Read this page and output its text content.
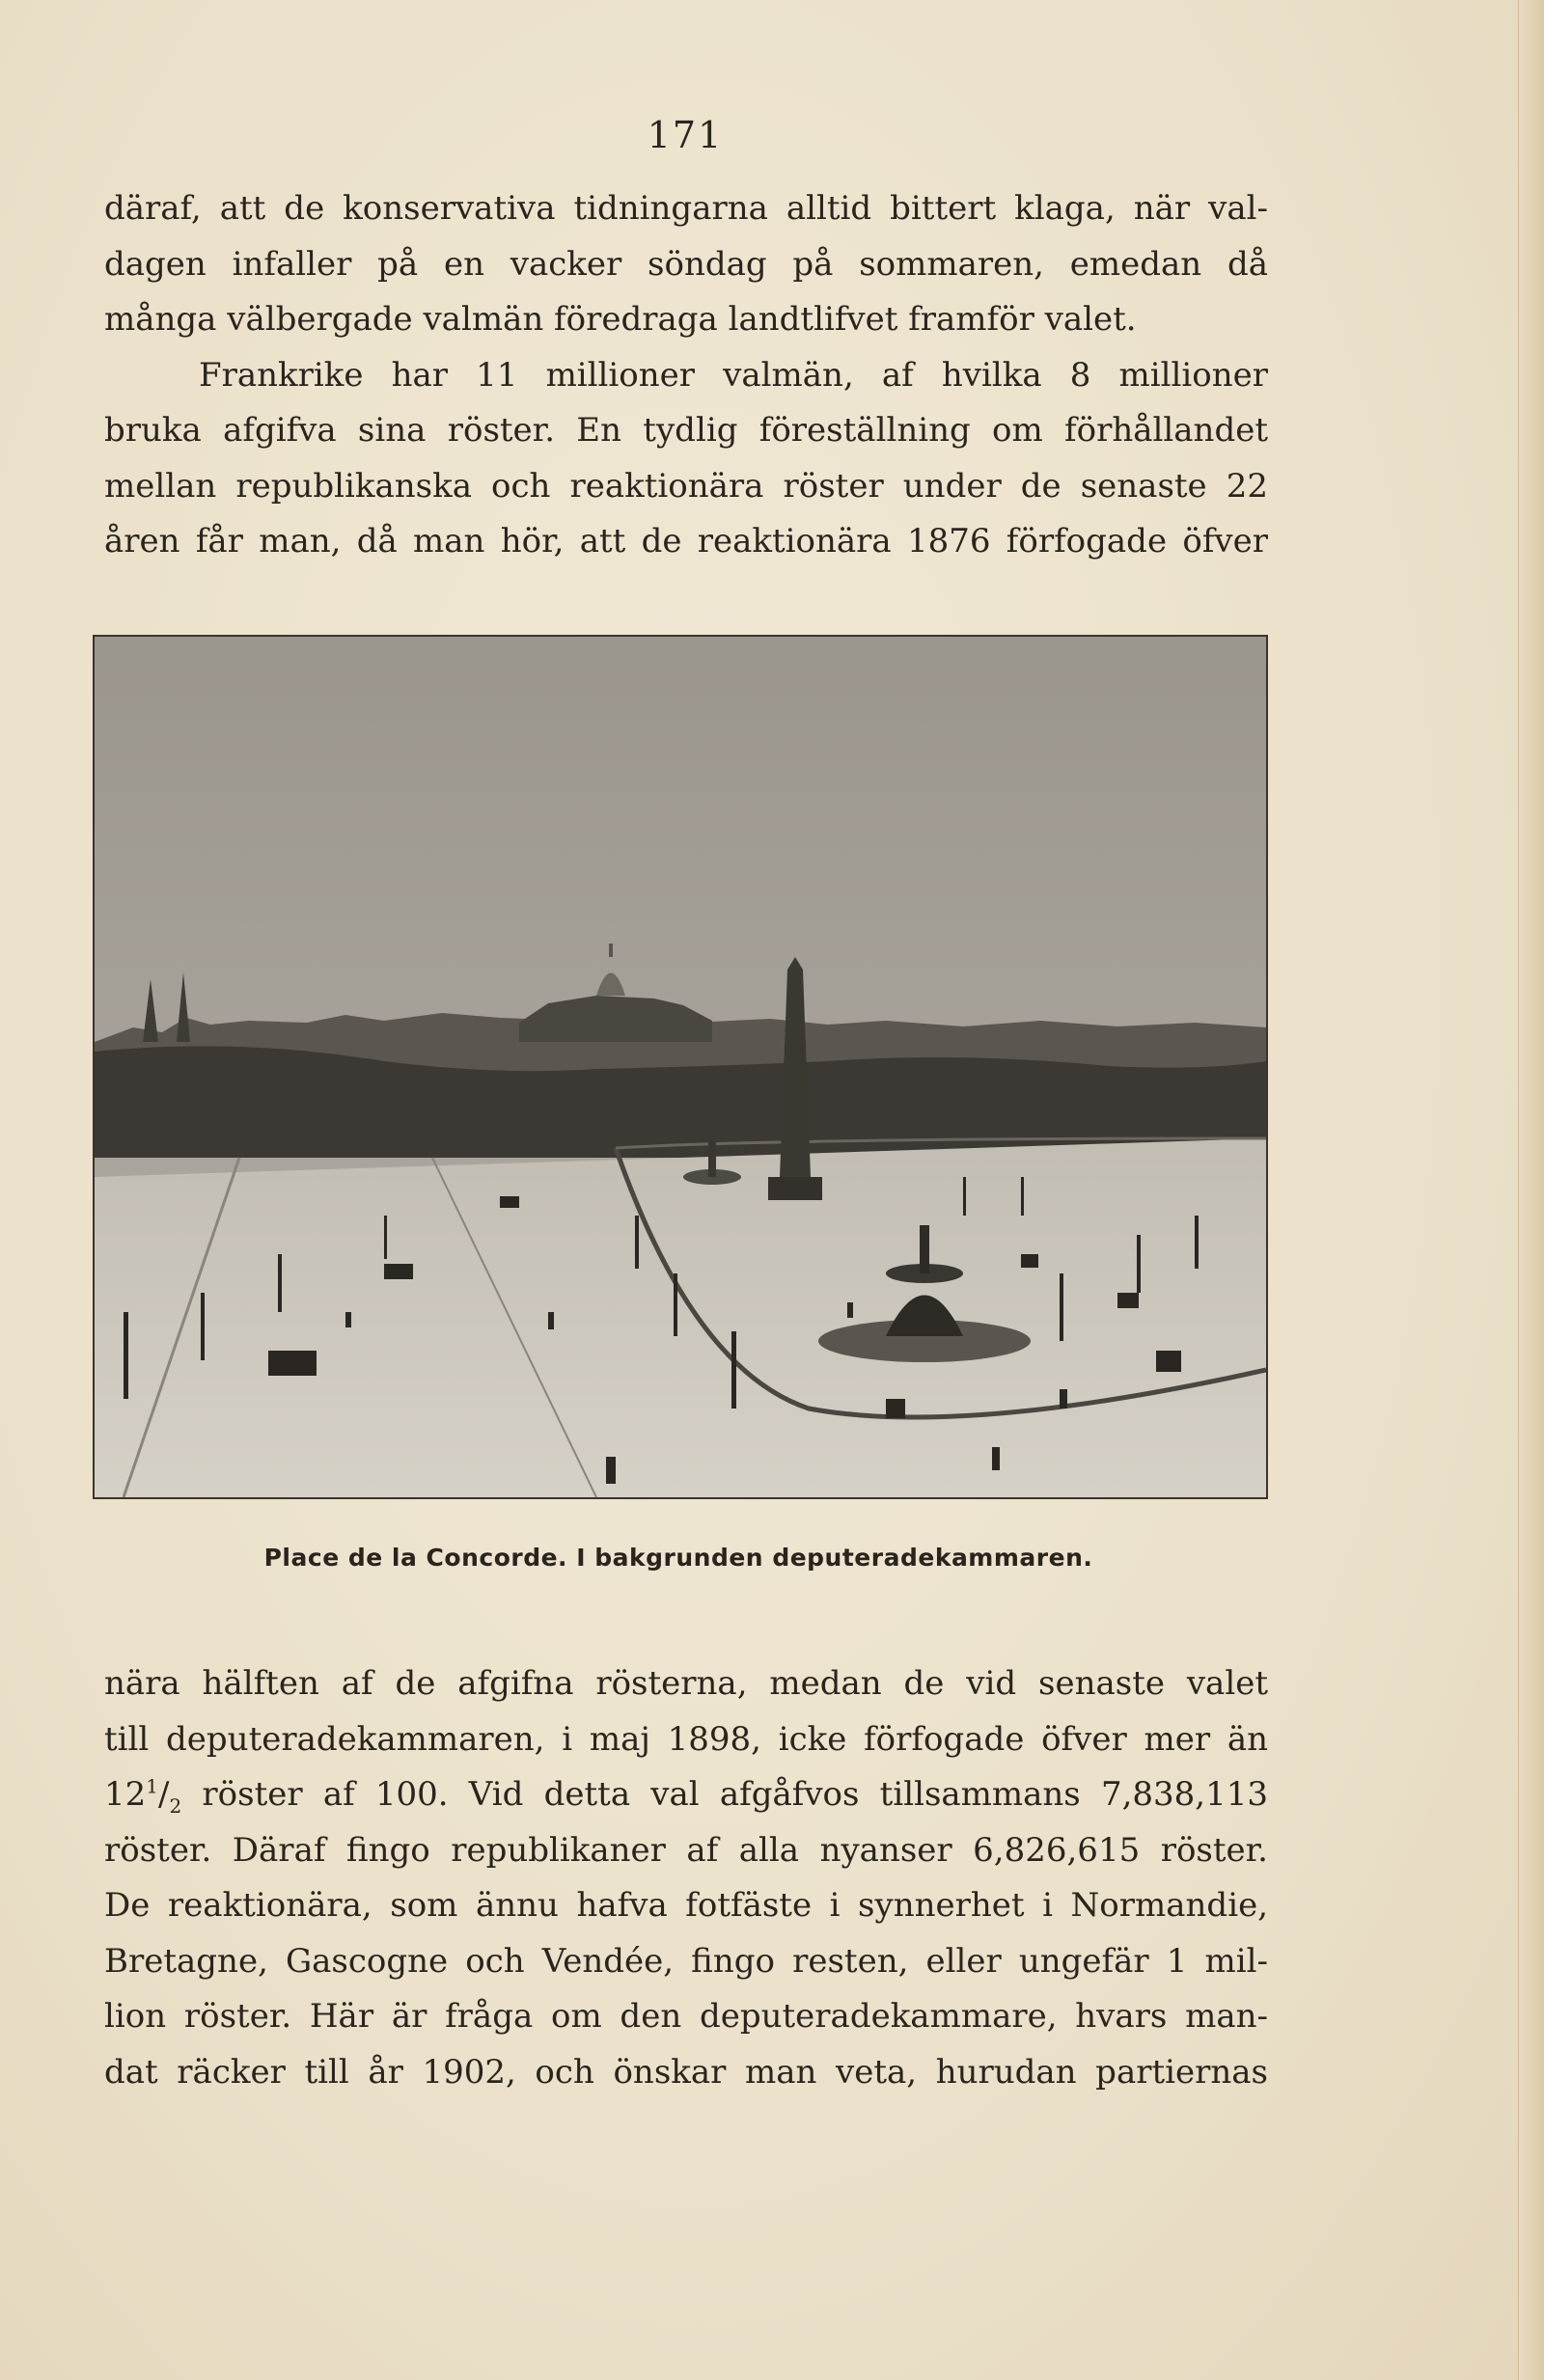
171
däraf, att de konservativa tidningarna alltid bittert klaga, när val-
dagen infaller på en vacker söndag på sommaren, emedan då
många välbergade valmän föredraga landtlifvet framför valet.
Frankrike har 11 millioner valmän, af hvilka 8 millioner
bruka afgifva sina röster. En tydlig föreställning om förhållandet
mellan republikanska och reaktionära röster under de senaste 22
åren får man, då man hör, att de reaktionära 1876 förfogade öfver
Place de la Concorde. I bakgrunden deputeradekammaren.
nära hälften af de afgifna rösterna, medan de vid senaste valet
till deputeradekammaren, i maj 1898, icke förfogade öfver mer än
$12^1/_2$ röster af 100. Vid detta val afgåfvos tillsammans 7,838,113
röster. Däraf fingo republikaner af alla nyanser 6,826,615 röster.
De reaktionära, som ännu hafva fotfäste i synnerhet i Normandie,
Bretagne, Gascogne och Vendée, fingo resten, eller ungefär 1 mil-
lion röster. Här är fråga om den deputeradekammare, hvars man-
dat räcker till år 1902, och önskar man veta, hurudan partiernas
